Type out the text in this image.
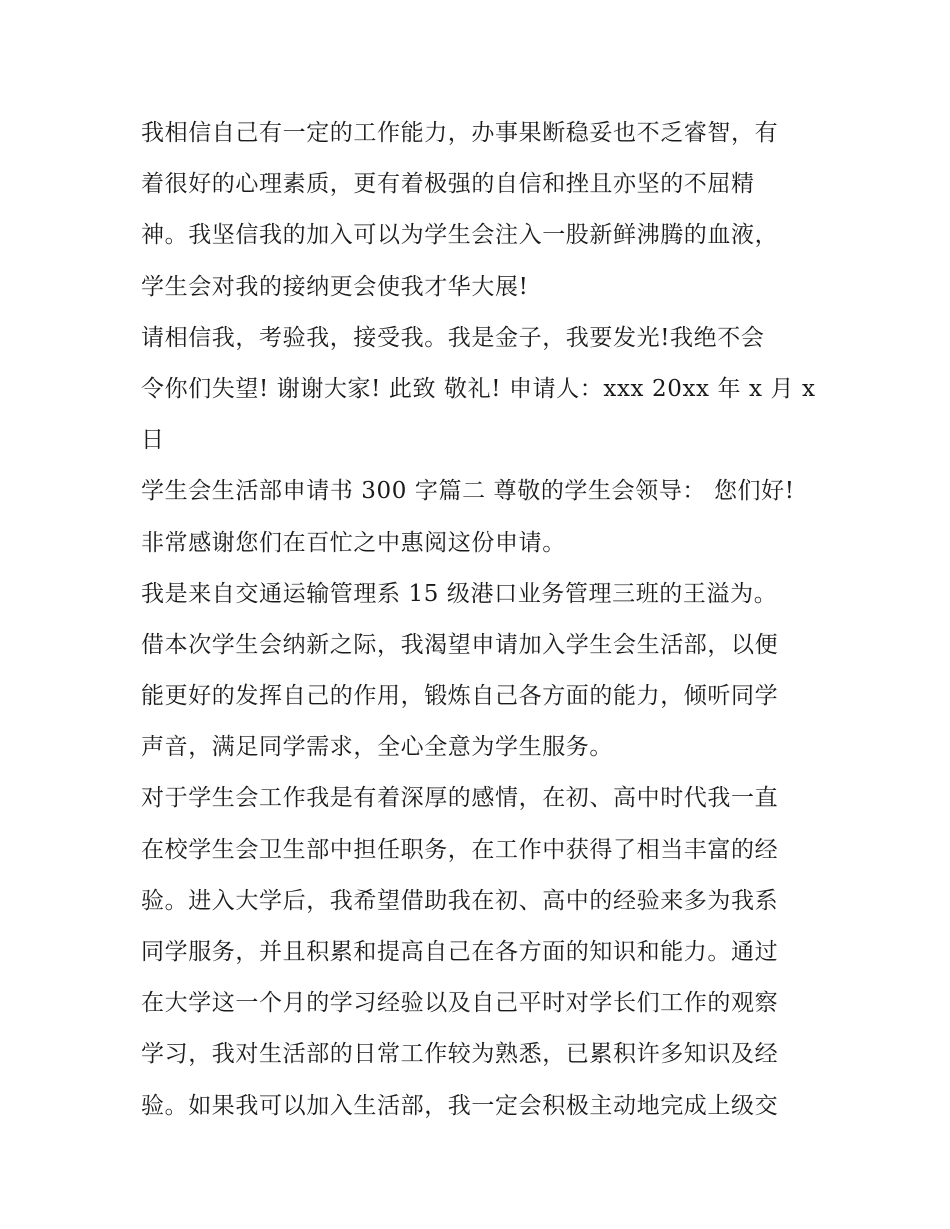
我相信自己有一定的工作能力，办事果断稳妥也不乏睿智，有
着很好的心理素质，更有着极强的自信和挫且亦坚的不屈精
神。我坚信我的加入可以为学生会注入一股新鲜沸腾的血液，
学生会对我的接纳更会使我才华大展!
请相信我，考验我，接受我。我是金子，我要发光!我绝不会
令你们失望! 谢谢大家! 此致 敬礼! 申请人：xxx 20xx 年 x 月 x
日
学生会生活部申请书 300 字篇二 尊敬的学生会领导： 您们好!
非常感谢您们在百忙之中惠阅这份申请。
我是来自交通运输管理系 15 级港口业务管理三班的王溢为。
借本次学生会纳新之际，我渴望申请加入学生会生活部，以便
能更好的发挥自己的作用，锻炼自己各方面的能力，倾听同学
声音，满足同学需求，全心全意为学生服务。
对于学生会工作我是有着深厚的感情，在初、高中时代我一直
在校学生会卫生部中担任职务，在工作中获得了相当丰富的经
验。进入大学后，我希望借助我在初、高中的经验来多为我系
同学服务，并且积累和提高自己在各方面的知识和能力。通过
在大学这一个月的学习经验以及自己平时对学长们工作的观察
学习，我对生活部的日常工作较为熟悉，已累积许多知识及经
验。如果我可以加入生活部，我一定会积极主动地完成上级交
